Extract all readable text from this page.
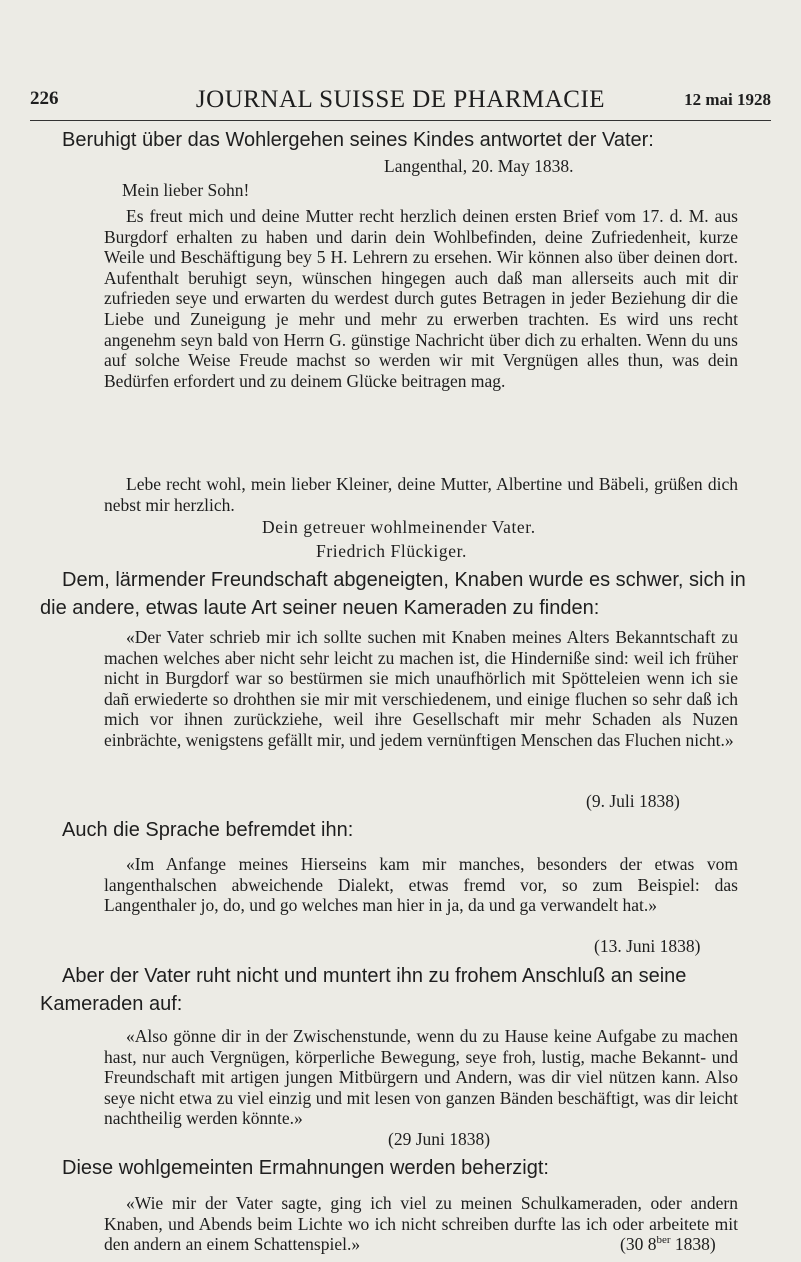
226	JOURNAL SUISSE DE PHARMACIE	12 mai 1928
Beruhigt über das Wohlergehen seines Kindes antwortet der Vater:
Langenthal, 20. May 1838.
Mein lieber Sohn!
Es freut mich und deine Mutter recht herzlich deinen ersten Brief vom 17. d. M. aus Burgdorf erhalten zu haben und darin dein Wohlbefinden, deine Zufriedenheit, kurze Weile und Beschäftigung bey 5 H. Lehrern zu ersehen. Wir können also über deinen dort. Aufenthalt beruhigt seyn, wünschen hingegen auch daß man allerseits auch mit dir zufrieden seye und erwarten du werdest durch gutes Betragen in jeder Beziehung dir die Liebe und Zuneigung je mehr und mehr zu erwerben trachten. Es wird uns recht angenehm seyn bald von Herrn G. günstige Nachricht über dich zu erhalten. Wenn du uns auf solche Weise Freude machst so werden wir mit Vergnügen alles thun, was dein Bedürfen erfordert und zu deinem Glücke beitragen mag.
Lebe recht wohl, mein lieber Kleiner, deine Mutter, Albertine und Bäbeli, grüßen dich nebst mir herzlich.
Dein getreuer wohlmeinender Vater.
Friedrich Flückiger.
Dem, lärmender Freundschaft abgeneigten, Knaben wurde es schwer, sich in die andere, etwas laute Art seiner neuen Kameraden zu finden:
«Der Vater schrieb mir ich sollte suchen mit Knaben meines Alters Bekanntschaft zu machen welches aber nicht sehr leicht zu machen ist, die Hinderniße sind: weil ich früher nicht in Burgdorf war so bestürmen sie mich unaufhörlich mit Spötteleien wenn ich sie dañ erwiederte so drohthen sie mir mit verschiedenem, und einige fluchen so sehr daß ich mich vor ihnen zurückziehe, weil ihre Gesellschaft mir mehr Schaden als Nuzen einbrächte, wenigstens gefällt mir, und jedem vernünftigen Menschen das Fluchen nicht.»
(9. Juli 1838)
Auch die Sprache befremdet ihn:
«Im Anfange meines Hierseins kam mir manches, besonders der etwas vom langenthalschen abweichende Dialekt, etwas fremd vor, so zum Beispiel: das Langenthaler jo, do, und go welches man hier in ja, da und ga verwandelt hat.»
(13. Juni 1838)
Aber der Vater ruht nicht und muntert ihn zu frohem Anschluß an seine Kameraden auf:
«Also gönne dir in der Zwischenstunde, wenn du zu Hause keine Aufgabe zu machen hast, nur auch Vergnügen, körperliche Bewegung, seye froh, lustig, mache Bekannt- und Freundschaft mit artigen jungen Mitbürgern und Andern, was dir viel nützen kann. Also seye nicht etwa zu viel einzig und mit lesen von ganzen Bänden beschäftigt, was dir leicht nachtheilig werden könnte.»
(29 Juni 1838)
Diese wohlgemeinten Ermahnungen werden beherzigt:
«Wie mir der Vater sagte, ging ich viel zu meinen Schulkameraden, oder andern Knaben, und Abends beim Lichte wo ich nicht schreiben durfte las ich oder arbeitete mit den andern an einem Schattenspiel.»	(30 $8^{ber}$ 1838)
